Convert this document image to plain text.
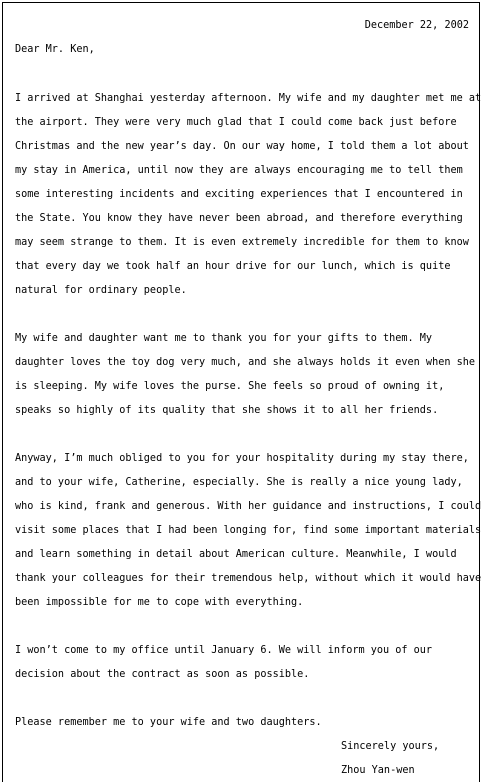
December 22, 2002
Dear Mr. Ken,
I arrived at Shanghai yesterday afternoon. My wife and my daughter met me at
the airport. They were very much glad that I could come back just before
Christmas and the new year’s day. On our way home, I told them a lot about
my stay in America, until now they are always encouraging me to tell them
some interesting incidents and exciting experiences that I encountered in
the State. You know they have never been abroad, and therefore everything
may seem strange to them. It is even extremely incredible for them to know
that every day we took half an hour drive for our lunch, which is quite
natural for ordinary people.
My wife and daughter want me to thank you for your gifts to them. My
daughter loves the toy dog very much, and she always holds it even when she
is sleeping. My wife loves the purse. She feels so proud of owning it,
speaks so highly of its quality that she shows it to all her friends.
Anyway, I’m much obliged to you for your hospitality during my stay there,
and to your wife, Catherine, especially. She is really a nice young lady,
who is kind, frank and generous. With her guidance and instructions, I could
visit some places that I had been longing for, find some important materials
and learn something in detail about American culture. Meanwhile, I would
thank your colleagues for their tremendous help, without which it would have
been impossible for me to cope with everything.
I won’t come to my office until January 6. We will inform you of our
decision about the contract as soon as possible.
Please remember me to your wife and two daughters.
Sincerely yours,
Zhou Yan-wen
